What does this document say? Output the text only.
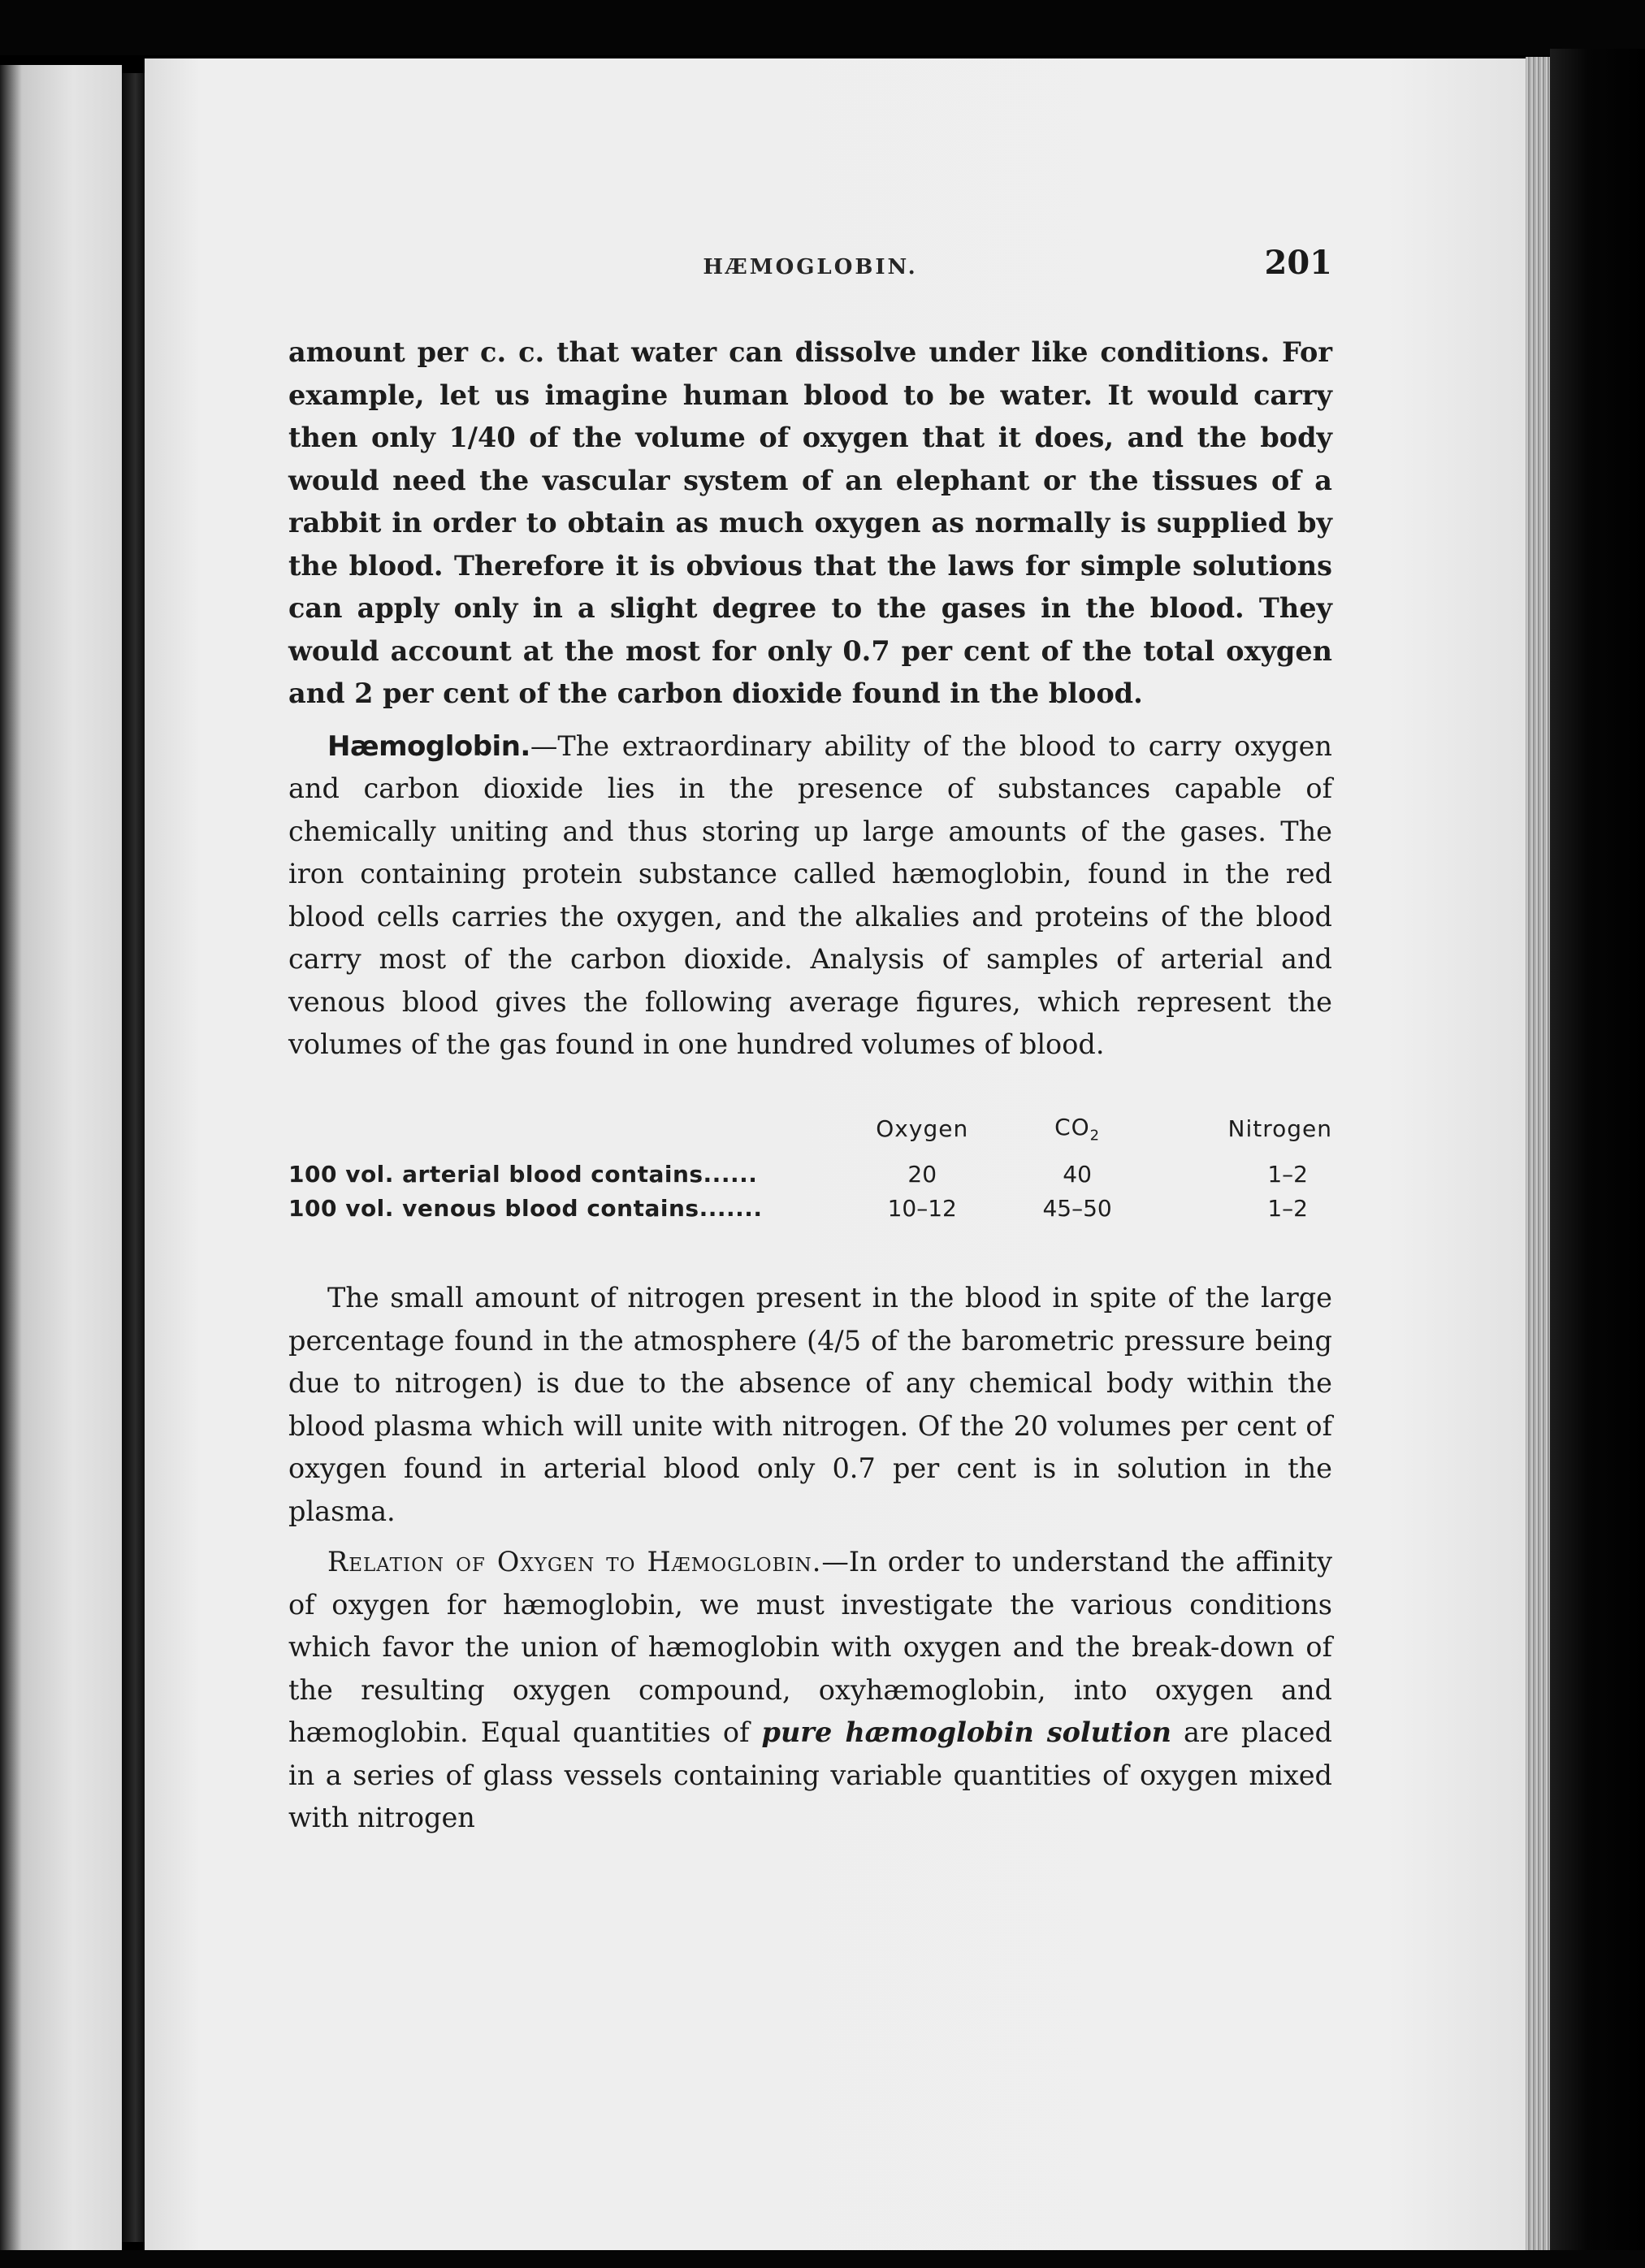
HÆMOGLOBIN.	201

amount per c. c. that water can dissolve under like conditions. For example, let us imagine human blood to be water. It would carry then only 1/40 of the volume of oxygen that it does, and the body would need the vascular system of an elephant or the tissues of a rabbit in order to obtain as much oxygen as normally is supplied by the blood. Therefore it is obvious that the laws for simple solutions can apply only in a slight degree to the gases in the blood. They would account at the most for only 0.7 per cent of the total oxygen and 2 per cent of the carbon dioxide found in the blood.

Hæmoglobin.—The extraordinary ability of the blood to carry oxygen and carbon dioxide lies in the presence of substances capable of chemically uniting and thus storing up large amounts of the gases. The iron containing protein substance called hæmoglobin, found in the red blood cells carries the oxygen, and the alkalies and proteins of the blood carry most of the carbon dioxide. Analysis of samples of arterial and venous blood gives the following average figures, which represent the volumes of the gas found in one hundred volumes of blood.

	Oxygen	$CO_2$	Nitrogen
100 vol. arterial blood contains......	20	40	1–2
100 vol. venous blood contains.......	10–12	45–50	1–2

The small amount of nitrogen present in the blood in spite of the large percentage found in the atmosphere (4/5 of the barometric pressure being due to nitrogen) is due to the absence of any chemical body within the blood plasma which will unite with nitrogen. Of the 20 volumes per cent of oxygen found in arterial blood only 0.7 per cent is in solution in the plasma.

Relation of Oxygen to Hæmoglobin.—In order to understand the affinity of oxygen for hæmoglobin, we must investigate the various conditions which favor the union of hæmoglobin with oxygen and the break-down of the resulting oxygen compound, oxyhæmoglobin, into oxygen and hæmoglobin. Equal quantities of pure hæmoglobin solution are placed in a series of glass vessels containing variable quantities of oxygen mixed with nitrogen
